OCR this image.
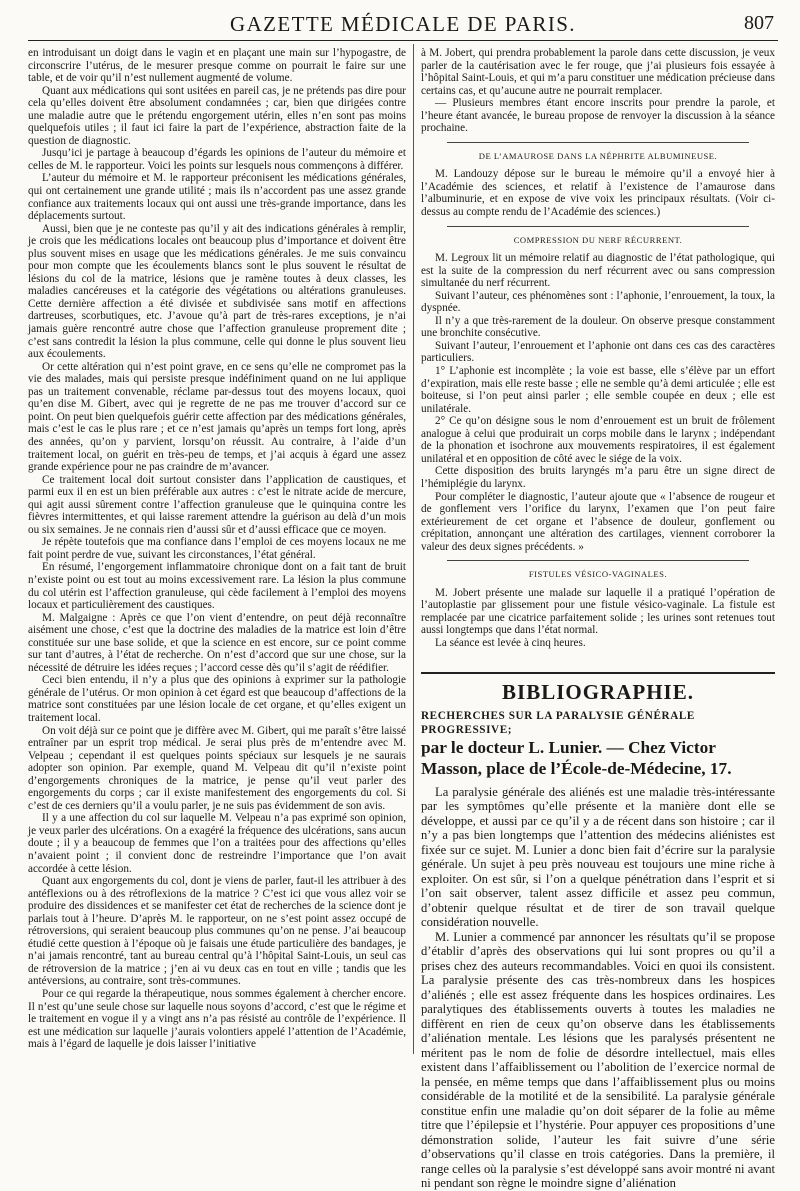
GAZETTE MÉDICALE DE PARIS.	807

en introduisant un doigt dans le vagin et en plaçant une main sur l’hypogastre, de circonscrire l’utérus, de le mesurer presque comme on pourrait le faire sur une table, et de voir qu’il n’est nullement augmenté de volume.

Quant aux médications qui sont usitées en pareil cas, je ne prétends pas dire pour cela qu’elles doivent être absolument condamnées ; car, bien que dirigées contre une maladie autre que le prétendu engorgement utérin, elles n’en sont pas moins quelquefois utiles ; il faut ici faire la part de l’expérience, abstraction faite de la question de diagnostic.

Jusqu’ici je partage à beaucoup d’égards les opinions de l’auteur du mémoire et celles de M. le rapporteur. Voici les points sur lesquels nous commençons à différer.

L’auteur du mémoire et M. le rapporteur préconisent les médications générales, qui ont certainement une grande utilité ; mais ils n’accordent pas une assez grande confiance aux traitements locaux qui ont aussi une très-grande importance, dans les déplacements surtout.

Aussi, bien que je ne conteste pas qu’il y ait des indications générales à remplir, je crois que les médications locales ont beaucoup plus d’importance et doivent être plus souvent mises en usage que les médications générales. Je me suis convaincu pour mon compte que les écoulements blancs sont le plus souvent le résultat de lésions du col de la matrice, lésions que je ramène toutes à deux classes, les maladies cancéreuses et la catégorie des végétations ou altérations granuleuses. Cette dernière affection a été divisée et subdivisée sans motif en affections dartreuses, scorbutiques, etc. J’avoue qu’à part de très-rares exceptions, je n’ai jamais guère rencontré autre chose que l’affection granuleuse proprement dite ; c’est sans contredit la lésion la plus commune, celle qui donne le plus souvent lieu aux écoulements.

Or cette altération qui n’est point grave, en ce sens qu’elle ne compromet pas la vie des malades, mais qui persiste presque indéfiniment quand on ne lui applique pas un traitement convenable, réclame par-dessus tout des moyens locaux, quoi qu’en dise M. Gibert, avec qui je regrette de ne pas me trouver d’accord sur ce point. On peut bien quelquefois guérir cette affection par des médications générales, mais c’est le cas le plus rare ; et ce n’est jamais qu’après un temps fort long, après des années, qu’on y parvient, lorsqu’on réussit. Au contraire, à l’aide d’un traitement local, on guérit en très-peu de temps, et j’ai acquis à égard une assez grande expérience pour ne pas craindre de m’avancer.

Ce traitement local doit surtout consister dans l’application de caustiques, et parmi eux il en est un bien préférable aux autres : c’est le nitrate acide de mercure, qui agit aussi sûrement contre l’affection granuleuse que le quinquina contre les fièvres intermittentes, et qui laisse rarement attendre la guérison au delà d’un mois ou six semaines. Je ne connais rien d’aussi sûr et d’aussi efficace que ce moyen.

Je répète toutefois que ma confiance dans l’emploi de ces moyens locaux ne me fait point perdre de vue, suivant les circonstances, l’état général.

En résumé, l’engorgement inflammatoire chronique dont on a fait tant de bruit n’existe point ou est tout au moins excessivement rare. La lésion la plus commune du col utérin est l’affection granuleuse, qui cède facilement à l’emploi des moyens locaux et particulièrement des caustiques.

M. Malgaigne : Après ce que l’on vient d’entendre, on peut déjà reconnaître aisément une chose, c’est que la doctrine des maladies de la matrice est loin d’être constituée sur une base solide, et que la science en est encore, sur ce point comme sur tant d’autres, à l’état de recherche. On n’est d’accord que sur une chose, sur la nécessité de détruire les idées reçues ; l’accord cesse dès qu’il s’agit de réédifier.

Ceci bien entendu, il n’y a plus que des opinions à exprimer sur la pathologie générale de l’utérus. Or mon opinion à cet égard est que beaucoup d’affections de la matrice sont constituées par une lésion locale de cet organe, et qu’elles exigent un traitement local.

On voit déjà sur ce point que je diffère avec M. Gibert, qui me paraît s’être laissé entraîner par un esprit trop médical. Je serai plus près de m’entendre avec M. Velpeau ; cependant il est quelques points spéciaux sur lesquels je ne saurais adopter son opinion. Par exemple, quand M. Velpeau dit qu’il n’existe point d’engorgements chroniques de la matrice, je pense qu’il veut parler des engorgements du corps ; car il existe manifestement des engorgements du col. Si c’est de ces derniers qu’il a voulu parler, je ne suis pas évidemment de son avis.

Il y a une affection du col sur laquelle M. Velpeau n’a pas exprimé son opinion, je veux parler des ulcérations. On a exagéré la fréquence des ulcérations, sans aucun doute ; il y a beaucoup de femmes que l’on a traitées pour des affections qu’elles n’avaient point ; il convient donc de restreindre l’importance que l’on avait accordée à cette lésion.

Quant aux engorgements du col, dont je viens de parler, faut-il les attribuer à des antéflexions ou à des rétroflexions de la matrice ? C’est ici que vous allez voir se produire des dissidences et se manifester cet état de recherches de la science dont je parlais tout à l’heure. D’après M. le rapporteur, on ne s’est point assez occupé de rétroversions, qui seraient beaucoup plus communes qu’on ne pense. J’ai beaucoup étudié cette question à l’époque où je faisais une étude particulière des bandages, je n’ai jamais rencontré, tant au bureau central qu’à l’hôpital Saint-Louis, un seul cas de rétroversion de la matrice ; j’en ai vu deux cas en tout en ville ; tandis que les antéversions, au contraire, sont très-communes.

Pour ce qui regarde la thérapeutique, nous sommes également à chercher encore. Il n’est qu’une seule chose sur laquelle nous soyons d’accord, c’est que le régime et le traitement en vogue il y a vingt ans n’a pas résisté au contrôle de l’expérience. Il est une médication sur laquelle j’aurais volontiers appelé l’attention de l’Académie, mais à l’égard de laquelle je dois laisser l’initiative

à M. Jobert, qui prendra probablement la parole dans cette discussion, je veux parler de la cautérisation avec le fer rouge, que j’ai plusieurs fois essayée à l’hôpital Saint-Louis, et qui m’a paru constituer une médication précieuse dans certains cas, et qu’aucune autre ne pourrait remplacer.

— Plusieurs membres étant encore inscrits pour prendre la parole, et l’heure étant avancée, le bureau propose de renvoyer la discussion à la séance prochaine.

DE L’AMAUROSE DANS LA NÉPHRITE ALBUMINEUSE.

M. Landouzy dépose sur le bureau le mémoire qu’il a envoyé hier à l’Académie des sciences, et relatif à l’existence de l’amaurose dans l’albuminurie, et en expose de vive voix les principaux résultats. (Voir ci-dessus au compte rendu de l’Académie des sciences.)

COMPRESSION DU NERF RÉCURRENT.

M. Legroux lit un mémoire relatif au diagnostic de l’état pathologique, qui est la suite de la compression du nerf récurrent avec ou sans compression simultanée du nerf récurrent.

Suivant l’auteur, ces phénomènes sont : l’aphonie, l’enrouement, la toux, la dyspnée.

Il n’y a que très-rarement de la douleur. On observe presque constamment une bronchite consécutive.

Suivant l’auteur, l’enrouement et l’aphonie ont dans ces cas des caractères particuliers.

1° L’aphonie est incomplète ; la voie est basse, elle s’élève par un effort d’expiration, mais elle reste basse ; elle ne semble qu’à demi articulée ; elle est boiteuse, si l’on peut ainsi parler ; elle semble coupée en deux ; elle est unilatérale.

2° Ce qu’on désigne sous le nom d’enrouement est un bruit de frôlement analogue à celui que produirait un corps mobile dans le larynx ; indépendant de la phonation et isochrone aux mouvements respiratoires, il est également unilatéral et en opposition de côté avec le siége de la voix.

Cette disposition des bruits laryngés m’a paru être un signe direct de l’hémiplégie du larynx.

Pour compléter le diagnostic, l’auteur ajoute que « l’absence de rougeur et de gonflement vers l’orifice du larynx, l’examen que l’on peut faire extérieurement de cet organe et l’absence de douleur, gonflement ou crépitation, annonçant une altération des cartilages, viennent corroborer la valeur des deux signes précédents. »

FISTULES VÉSICO-VAGINALES.

M. Jobert présente une malade sur laquelle il a pratiqué l’opération de l’autoplastie par glissement pour une fistule vésico-vaginale. La fistule est remplacée par une cicatrice parfaitement solide ; les urines sont retenues tout aussi longtemps que dans l’état normal.

La séance est levée à cinq heures.

BIBLIOGRAPHIE.
RECHERCHES SUR LA PARALYSIE GÉNÉRALE PROGRESSIVE;
par le docteur L. Lunier. — Chez Victor Masson, place de l’École-de-Médecine, 17.

La paralysie générale des aliénés est une maladie très-intéressante par les symptômes qu’elle présente et la manière dont elle se développe, et aussi par ce qu’il y a de récent dans son histoire ; car il n’y a pas bien longtemps que l’attention des médecins aliénistes est fixée sur ce sujet. M. Lunier a donc bien fait d’écrire sur la paralysie générale. Un sujet à peu près nouveau est toujours une mine riche à exploiter. On est sûr, si l’on a quelque pénétration dans l’esprit et si l’on sait observer, talent assez difficile et assez peu commun, d’obtenir quelque résultat et de tirer de son travail quelque considération nouvelle.

M. Lunier a commencé par annoncer les résultats qu’il se propose d’établir d’après des observations qui lui sont propres ou qu’il a prises chez des auteurs recommandables. Voici en quoi ils consistent. La paralysie présente des cas très-nombreux dans les hospices d’aliénés ; elle est assez fréquente dans les hospices ordinaires. Les paralytiques des établissements ouverts à toutes les maladies ne diffèrent en rien de ceux qu’on observe dans les établissements d’aliénation mentale. Les lésions que les paralysés présentent ne méritent pas le nom de folie de désordre intellectuel, mais elles existent dans l’affaiblissement ou l’abolition de l’exercice normal de la pensée, en même temps que dans l’affaiblissement plus ou moins considérable de la motilité et de la sensibilité. La paralysie générale constitue enfin une maladie qu’on doit séparer de la folie au même titre que l’épilepsie et l’hystérie. Pour appuyer ces propositions d’une démonstration solide, l’auteur les fait suivre d’une série d’observations qu’il classe en trois catégories. Dans la première, il range celles où la paralysie s’est développé sans avoir montré ni avant ni pendant son règne le moindre signe d’aliénation
